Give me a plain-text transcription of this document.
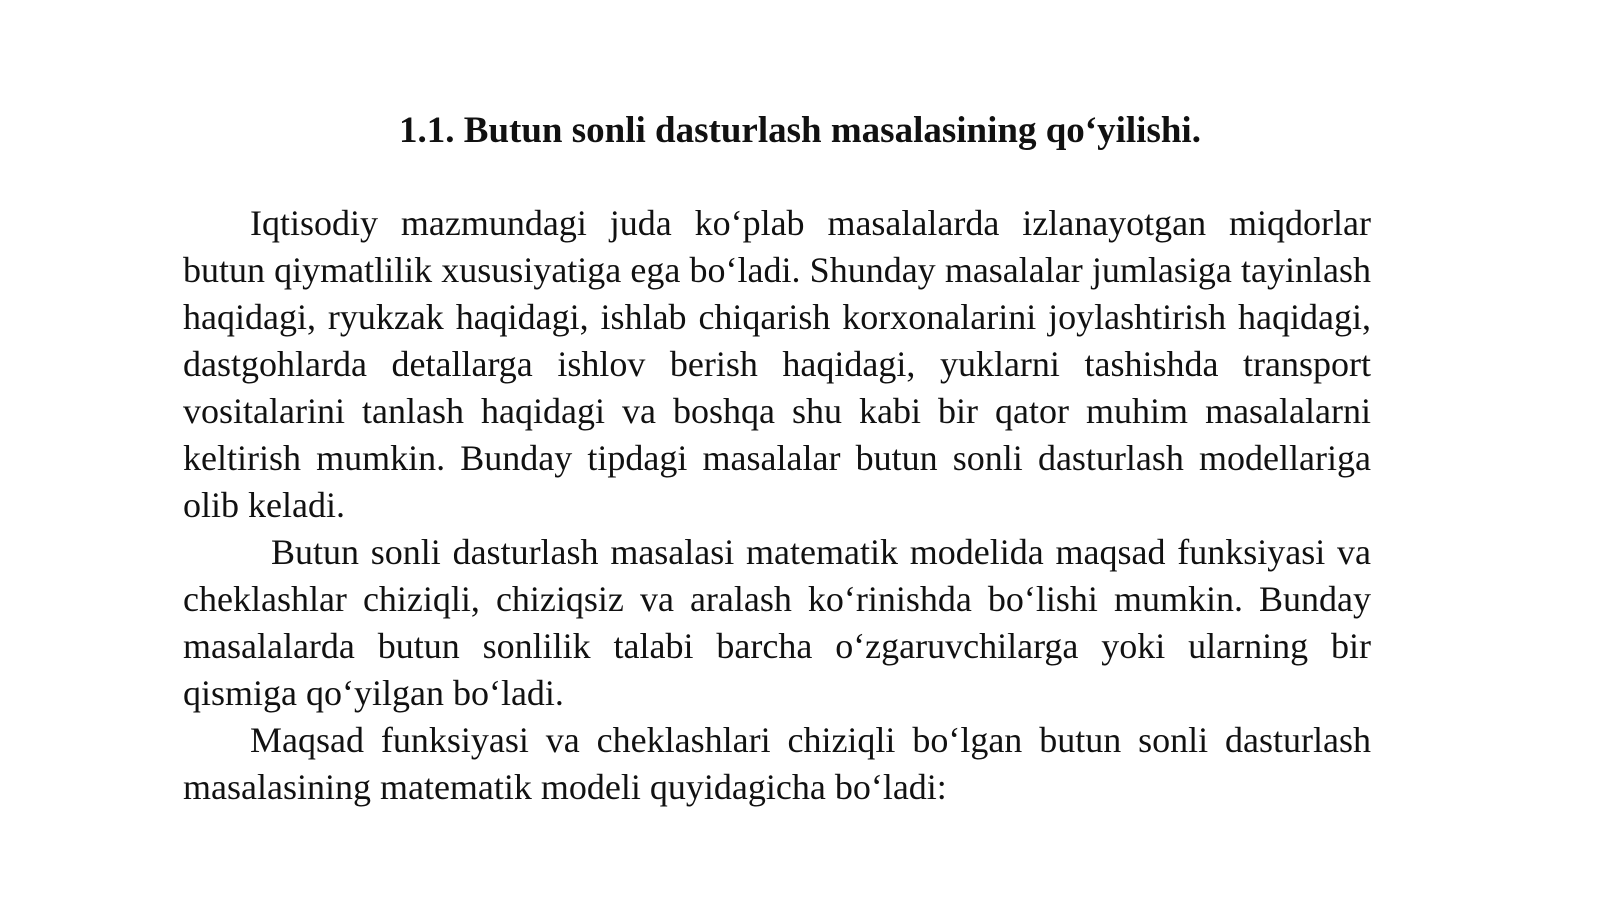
1.1. Butun sonli dasturlash masalasining qo‘yilishi.

Iqtisodiy mazmundagi juda ko‘plab masalalarda izlanayotgan miqdorlar butun qiymatlilik xususiyatiga ega bo‘ladi. Shunday masalalar jumlasiga tayinlash haqidagi, ryukzak haqidagi, ishlab chiqarish korxonalarini joylashtirish haqidagi, dastgohlarda detallarga ishlov berish haqidagi, yuklarni tashishda transport vositalarini tanlash haqidagi va boshqa shu kabi bir qator muhim masalalarni keltirish mumkin. Bunday tipdagi masalalar butun sonli dasturlash modellariga olib keladi.

Butun sonli dasturlash masalasi matematik modelida maqsad funksiyasi va cheklashlar chiziqli, chiziqsiz va aralash ko‘rinishda bo‘lishi mumkin. Bunday masalalarda butun sonlilik talabi barcha o‘zgaruvchilarga yoki ularning bir qismiga qo‘yilgan bo‘ladi.

Maqsad funksiyasi va cheklashlari chiziqli bo‘lgan butun sonli dasturlash masalasining matematik modeli quyidagicha bo‘ladi:
